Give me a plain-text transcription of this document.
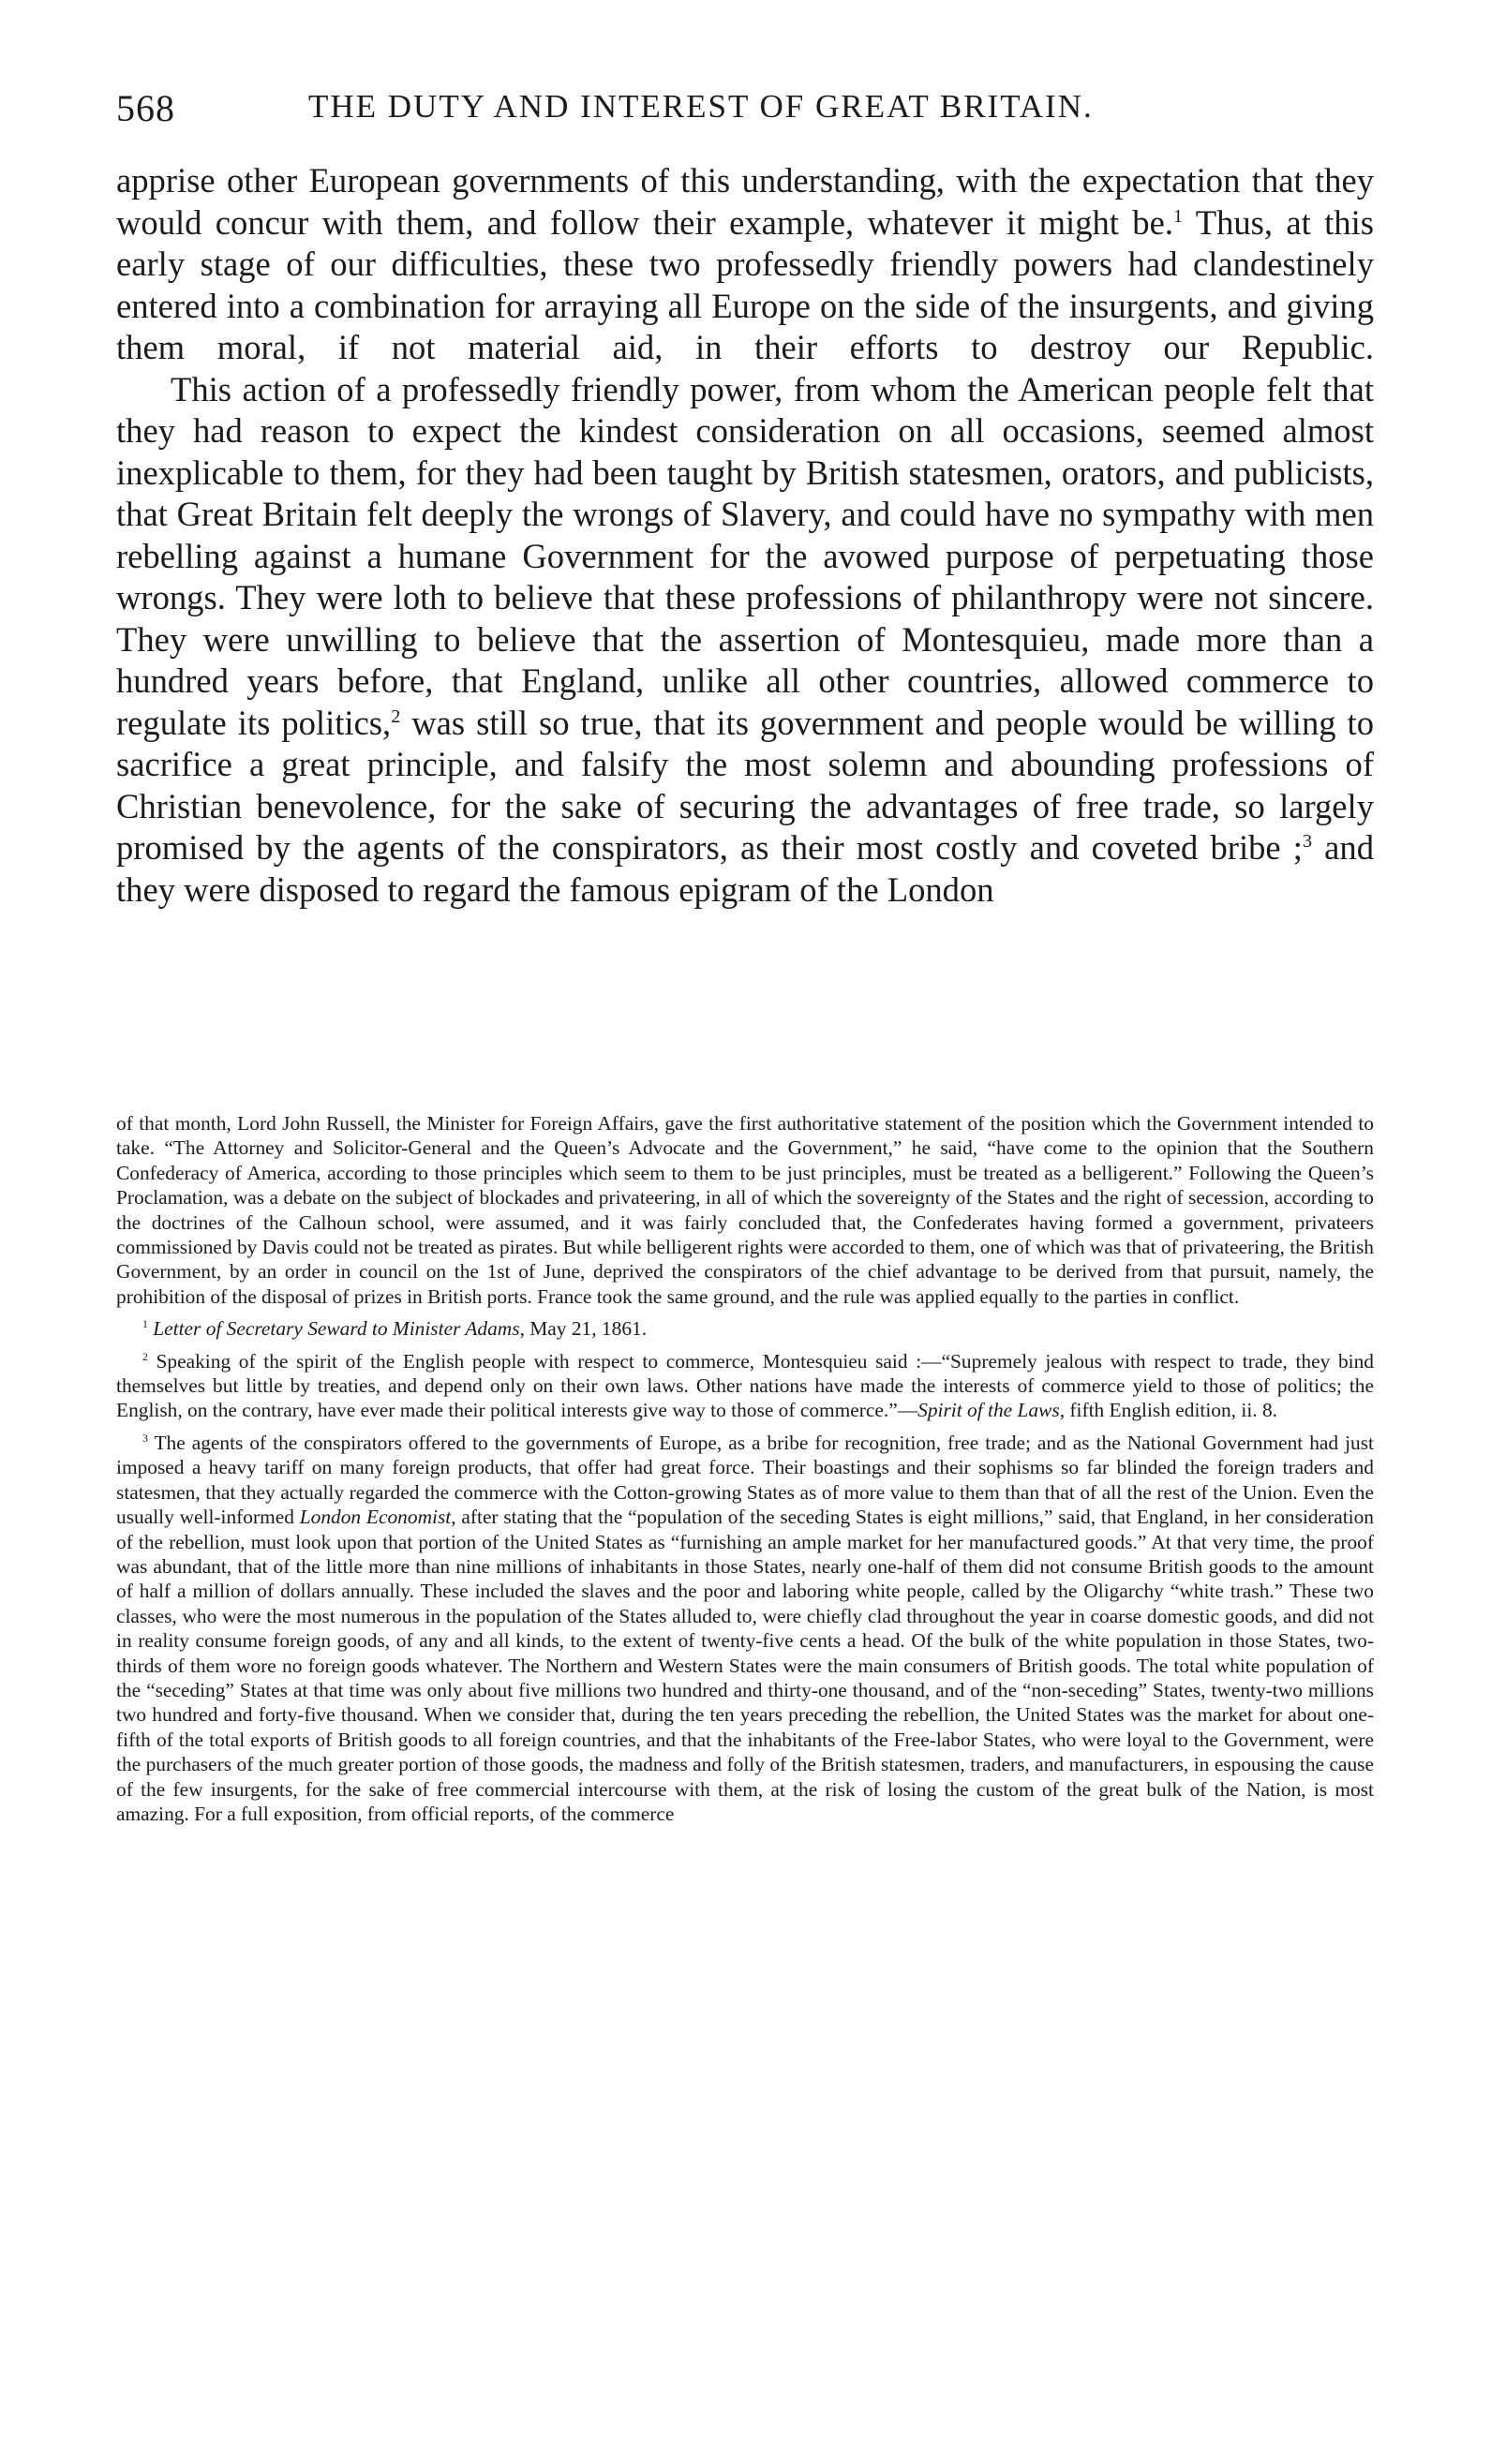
568	THE DUTY AND INTEREST OF GREAT BRITAIN.

apprise other European governments of this understanding, with the expectation that they would concur with them, and follow their example, whatever it might be.$^1$ Thus, at this early stage of our difficulties, these two professedly friendly powers had clandestinely entered into a combination for arraying all Europe on the side of the insurgents, and giving them moral, if not material aid, in their efforts to destroy our Republic.

This action of a professedly friendly power, from whom the American people felt that they had reason to expect the kindest consideration on all occasions, seemed almost inexplicable to them, for they had been taught by British statesmen, orators, and publicists, that Great Britain felt deeply the wrongs of Slavery, and could have no sympathy with men rebelling against a humane Government for the avowed purpose of perpetuating those wrongs. They were loth to believe that these professions of philanthropy were not sincere. They were unwilling to believe that the assertion of Montesquieu, made more than a hundred years before, that England, unlike all other countries, allowed commerce to regulate its politics,$^2$ was still so true, that its government and people would be willing to sacrifice a great principle, and falsify the most solemn and abounding professions of Christian benevolence, for the sake of securing the advantages of free trade, so largely promised by the agents of the conspirators, as their most costly and coveted bribe ;$^3$ and they were disposed to regard the famous epigram of the London

of that month, Lord John Russell, the Minister for Foreign Affairs, gave the first authoritative statement of the position which the Government intended to take. “The Attorney and Solicitor-General and the Queen’s Advocate and the Government,” he said, “have come to the opinion that the Southern Confederacy of America, according to those principles which seem to them to be just principles, must be treated as a belligerent.” Following the Queen’s Proclamation, was a debate on the subject of blockades and privateering, in all of which the sovereignty of the States and the right of secession, according to the doctrines of the Calhoun school, were assumed, and it was fairly concluded that, the Confederates having formed a government, privateers commissioned by Davis could not be treated as pirates. But while belligerent rights were accorded to them, one of which was that of privateering, the British Government, by an order in council on the 1st of June, deprived the conspirators of the chief advantage to be derived from that pursuit, namely, the prohibition of the disposal of prizes in British ports. France took the same ground, and the rule was applied equally to the parties in conflict.

$^1$ Letter of Secretary Seward to Minister Adams, May 21, 1861.

$^2$ Speaking of the spirit of the English people with respect to commerce, Montesquieu said :—“Supremely jealous with respect to trade, they bind themselves but little by treaties, and depend only on their own laws. Other nations have made the interests of commerce yield to those of politics; the English, on the contrary, have ever made their political interests give way to those of commerce.”—Spirit of the Laws, fifth English edition, ii. 8.

$^3$ The agents of the conspirators offered to the governments of Europe, as a bribe for recognition, free trade; and as the National Government had just imposed a heavy tariff on many foreign products, that offer had great force. Their boastings and their sophisms so far blinded the foreign traders and statesmen, that they actually regarded the commerce with the Cotton-growing States as of more value to them than that of all the rest of the Union. Even the usually well-informed London Economist, after stating that the “population of the seceding States is eight millions,” said, that England, in her consideration of the rebellion, must look upon that portion of the United States as “furnishing an ample market for her manufactured goods.” At that very time, the proof was abundant, that of the little more than nine millions of inhabitants in those States, nearly one-half of them did not consume British goods to the amount of half a million of dollars annually. These included the slaves and the poor and laboring white people, called by the Oligarchy “white trash.” These two classes, who were the most numerous in the population of the States alluded to, were chiefly clad throughout the year in coarse domestic goods, and did not in reality consume foreign goods, of any and all kinds, to the extent of twenty-five cents a head. Of the bulk of the white population in those States, two-thirds of them wore no foreign goods whatever. The Northern and Western States were the main consumers of British goods. The total white population of the “seceding” States at that time was only about five millions two hundred and thirty-one thousand, and of the “non-seceding” States, twenty-two millions two hundred and forty-five thousand. When we consider that, during the ten years preceding the rebellion, the United States was the market for about one-fifth of the total exports of British goods to all foreign countries, and that the inhabitants of the Free-labor States, who were loyal to the Government, were the purchasers of the much greater portion of those goods, the madness and folly of the British statesmen, traders, and manufacturers, in espousing the cause of the few insurgents, for the sake of free commercial intercourse with them, at the risk of losing the custom of the great bulk of the Nation, is most amazing. For a full exposition, from official reports, of the commerce
